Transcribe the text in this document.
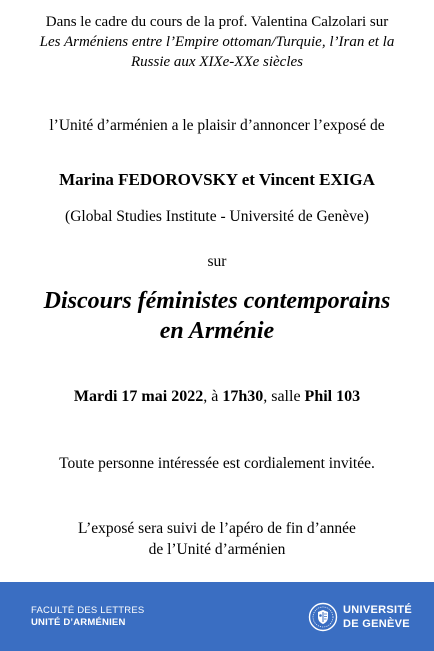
Dans le cadre du cours de la prof. Valentina Calzolari sur
Les Arméniens entre l’Empire ottoman/Turquie, l’Iran et la
Russie aux XIXe-XXe siècles
l’Unité d’arménien a le plaisir d’annoncer l’exposé de
Marina FEDOROVSKY et Vincent EXIGA
(Global Studies Institute - Université de Genève)
sur
Discours féministes contemporains
en Arménie
Mardi 17 mai 2022, à 17h30, salle Phil 103
Toute personne intéressée est cordialement invitée.
L’exposé sera suivi de l’apéro de fin d’année
de l’Unité d’arménien
FACULTÉ DES LETTRES
UNITÉ D’ARMÉNIEN
UNIVERSITÉ
DE GENÈVE
